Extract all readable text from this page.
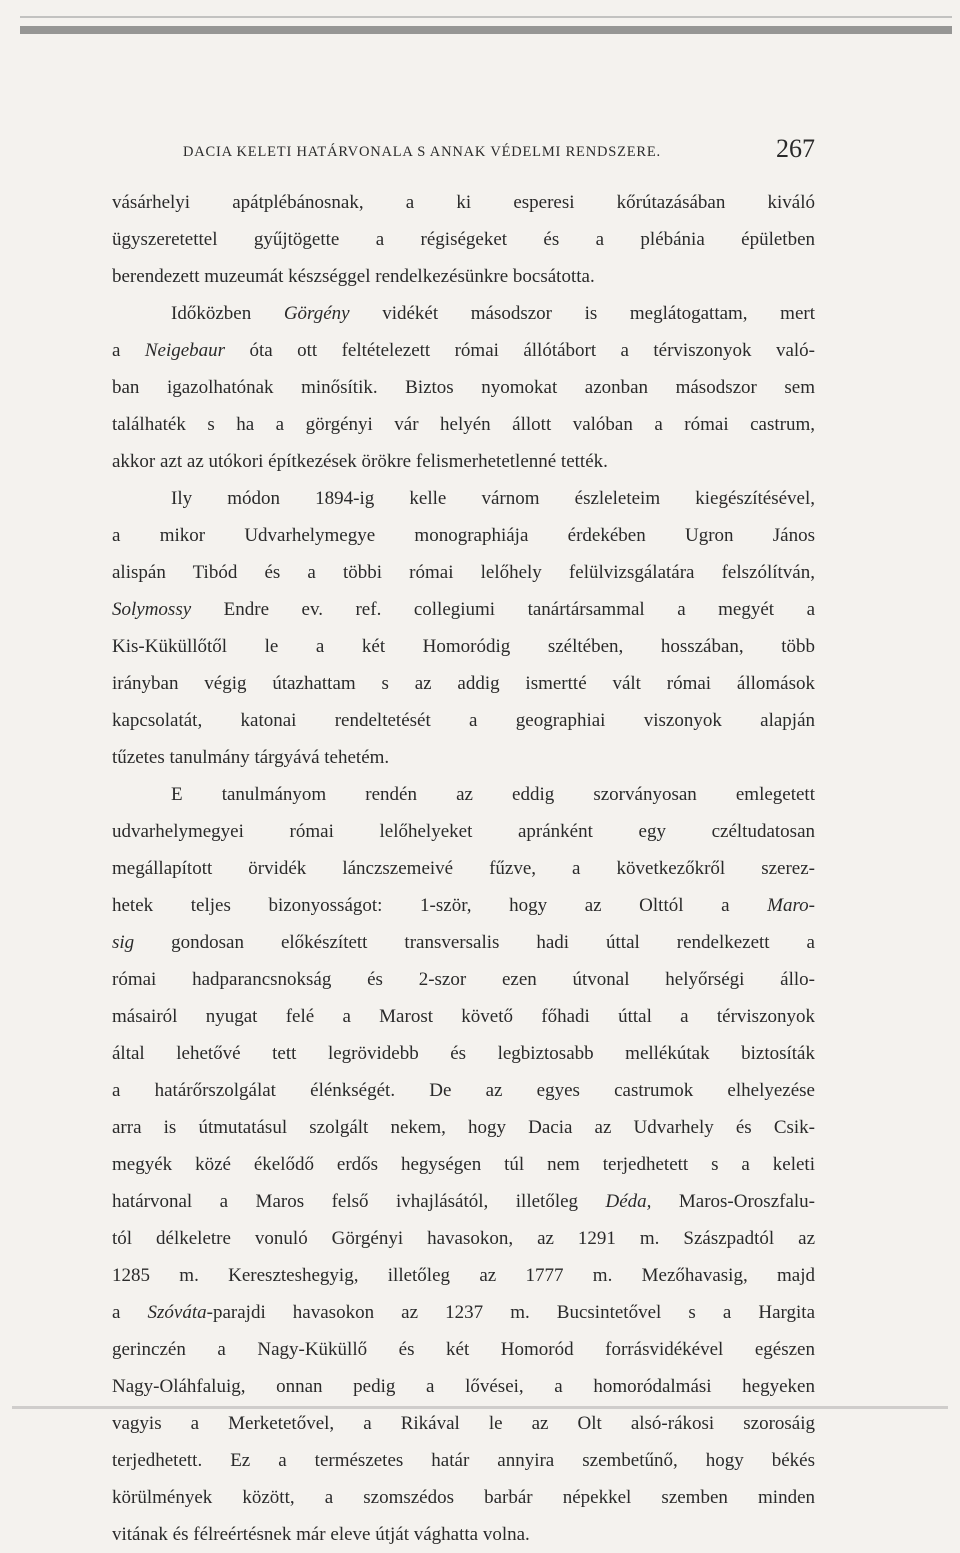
DACIA KELETI HATÁRVONALA S ANNAK VÉDELMI RENDSZERE.	267
vásárhelyi apátplébánosnak, a ki esperesi kőrútazásában kiváló
ügyszeretettel gyűjtögette a régiségeket és a plébánia épületben
berendezett muzeumát készséggel rendelkezésünkre bocsátotta.
Időközben Görgény vidékét másodszor is meglátogattam, mert
a Neigebaur óta ott feltételezett római állótábort a térviszonyok való-
ban igazolhatónak minősítik. Biztos nyomokat azonban másodszor sem
találhaték s ha a görgényi vár helyén állott valóban a római castrum,
akkor azt az utókori építkezések örökre felismerhetetlenné tették.
Ily módon 1894-ig kelle várnom észleleteim kiegészítésével,
a mikor Udvarhelymegye monographiája érdekében Ugron János
alispán Tibód és a többi római lelőhely felülvizsgálatára felszólítván,
Solymossy Endre ev. ref. collegiumi tanártársammal a megyét a
Kis-Küküllőtől le a két Homoródig széltében, hosszában, több
irányban végig útazhattam s az addig ismertté vált római állomások
kapcsolatát, katonai rendeltetését a geographiai viszonyok alapján
tűzetes tanulmány tárgyává tehetém.
E tanulmányom rendén az eddig szorványosan emlegetett
udvarhelymegyei római lelőhelyeket apránként egy czéltudatosan
megállapított örvidék lánczszemeivé fűzve, a következőkről szerez-
hetek teljes bizonyosságot: 1-ször, hogy az Olttól a Maro-
sig gondosan előkészített transversalis hadi úttal rendelkezett a
római hadparancsnokság és 2-szor ezen útvonal helyőrségi állo-
másairól nyugat felé a Marost követő főhadi úttal a térviszonyok
által lehetővé tett legrövidebb és legbiztosabb mellékútak biztosíták
a határőrszolgálat élénkségét. De az egyes castrumok elhelyezése
arra is útmutatásul szolgált nekem, hogy Dacia az Udvarhely és Csik-
megyék közé ékelődő erdős hegységen túl nem terjedhetett s a keleti
határvonal a Maros felső ivhajlásától, illetőleg Déda, Maros-Oroszfalu-
tól délkeletre vonuló Görgényi havasokon, az 1291 m. Szászpadtól az
1285 m. Kereszteshegyig, illetőleg az 1777 m. Mezőhavasig, majd
a Szóváta-parajdi havasokon az 1237 m. Bucsintetővel s a Hargita
gerinczén a Nagy-Küküllő és két Homoród forrásvidékével egészen
Nagy-Oláhfaluig, onnan pedig a lővései, a homoródalmási hegyeken
vagyis a Merketetővel, a Rikával le az Olt alsó-rákosi szorosáig
terjedhetett. Ez a természetes határ annyira szembetűnő, hogy békés
körülmények között, a szomszédos barbár népekkel szemben minden
vitának és félreértésnek már eleve útját vághatta volna.
